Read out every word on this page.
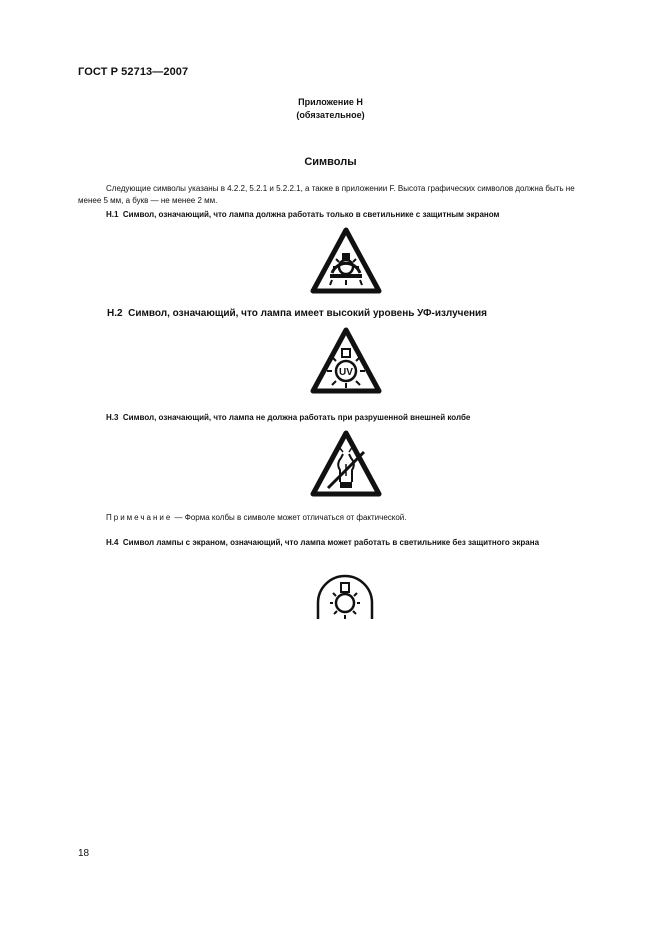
ГОСТ Р 52713—2007
Приложение Н
(обязательное)
Символы
Следующие символы указаны в 4.2.2, 5.2.1 и 5.2.2.1, а также в приложении F. Высота графических символов должна быть не менее 5 мм, а букв — не менее 2 мм.
Н.1 Символ, означающий, что лампа должна работать только в светильнике с защитным экраном
Н.2 Символ, означающий, что лампа имеет высокий уровень УФ-излучения
UV
Н.3 Символ, означающий, что лампа не должна работать при разрушенной внешней колбе
Примечание — Форма колбы в символе может отличаться от фактической.
Н.4 Символ лампы с экраном, означающий, что лампа может работать в светильнике без защитного экрана
18
